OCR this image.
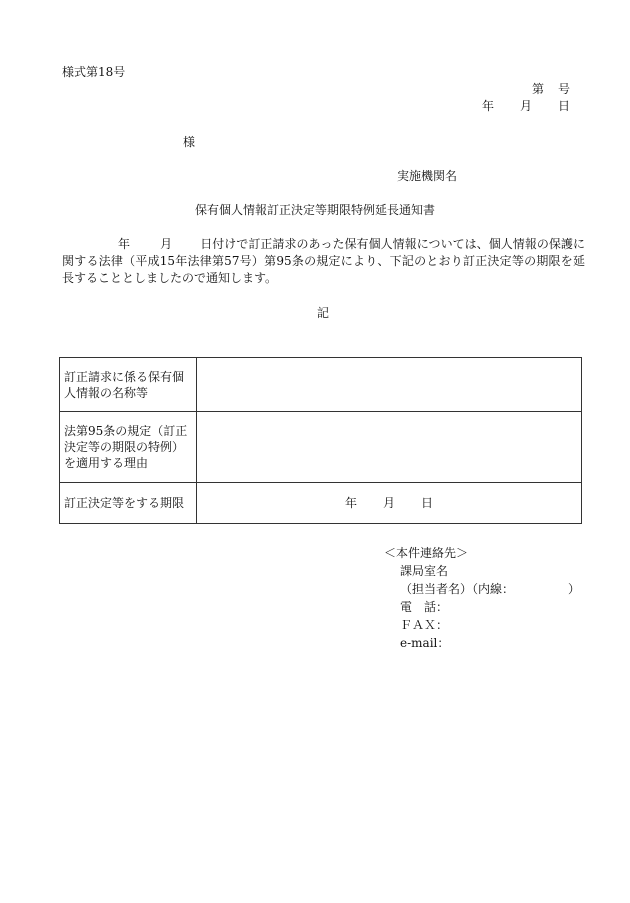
様式第18号
第 号
年 月 日
様
実施機関名
保有個人情報訂正決定等期限特例延長通知書
年	月 日付けで訂正請求のあった保有個人情報については、個人情報の保護に関する法律（平成15年法律第57号）第95条の規定により、下記のとおり訂正決定等の期限を延長することとしましたので通知します。
記
訂正請求に係る保有個人情報の名称等	
法第95条の規定（訂正決定等の期限の特例）を適用する理由	
訂正決定等をする期限	年 月 日
＜本件連絡先＞
課局室名
（担当者名）（内線：	）
電　話：
ＦＡＸ：
e-mail：
